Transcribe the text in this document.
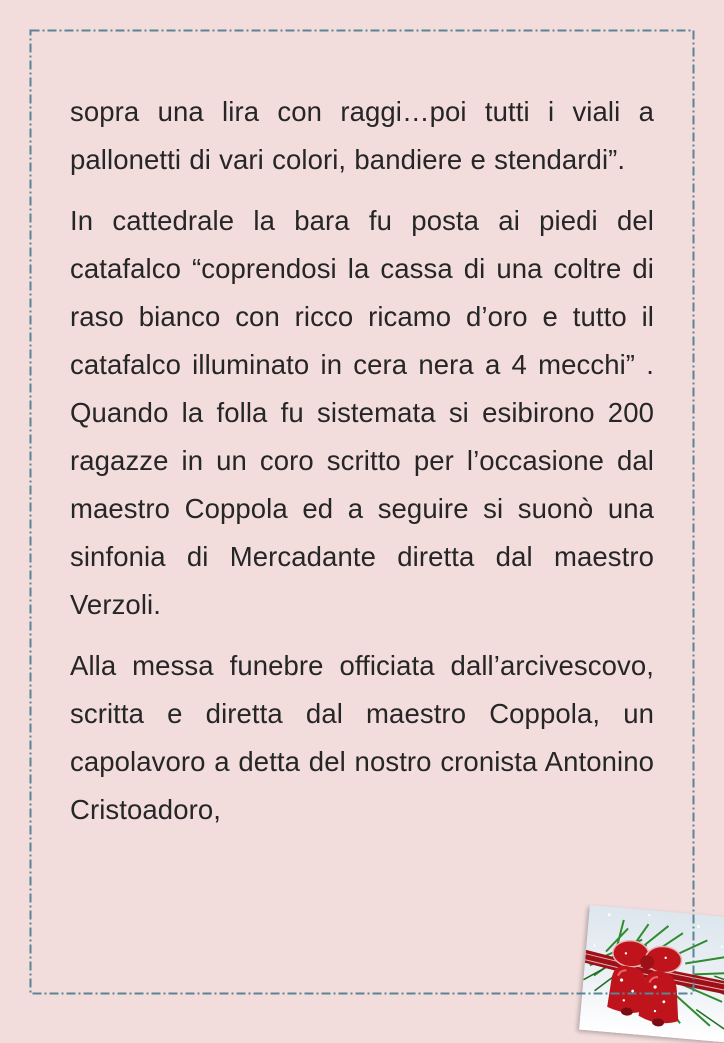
sopra una lira con raggi…poi tutti i viali a pallonetti di vari colori, bandiere e stendardi”.

In cattedrale la bara fu posta ai piedi del catafalco “coprendosi la cassa di una coltre di raso bianco con ricco ricamo d’oro e tutto il catafalco illuminato in cera nera a 4 mecchi” . Quando la folla fu sistemata si esibirono 200 ragazze in un coro scritto per l’occasione dal maestro Coppola ed a seguire si suonò una sinfonia di Mercadante diretta dal maestro Verzoli.

Alla messa funebre officiata dall’arcivescovo, scritta e diretta dal maestro Coppola, un capolavoro a detta del nostro cronista Antonino Cristoadoro,
